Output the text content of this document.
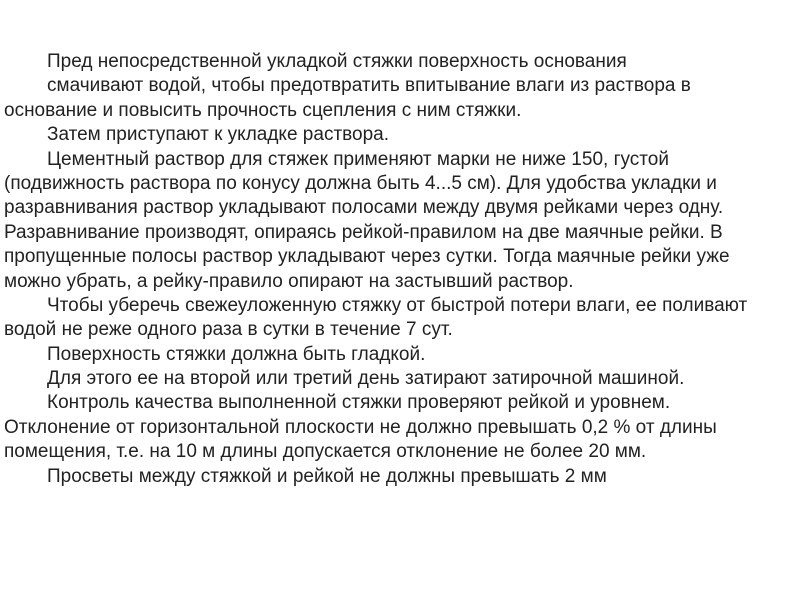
Пред непосредственной укладкой стяжки поверхность основания
смачивают водой, чтобы предотвратить впитывание влаги из раствора в
основание и повысить прочность сцепления с ним стяжки.
Затем приступают к укладке раствора.
Цементный раствор для стяжек применяют марки не ниже 150, густой
(подвижность раствора по конусу должна быть 4...5 см). Для удобства укладки и
разравнивания раствор укладывают полосами между двумя рейками через одну.
Разравнивание производят, опираясь рейкой-правилом на две маячные рейки. В
пропущенные полосы раствор укладывают через сутки. Тогда маячные рейки уже
можно убрать, а рейку-правило опирают на застывший раствор.
Чтобы уберечь свежеуложенную стяжку от быстрой потери влаги, ее поливают
водой не реже одного раза в сутки в течение 7 сут.
Поверхность стяжки должна быть гладкой.
Для этого ее на второй или третий день затирают затирочной машиной.
Контроль качества выполненной стяжки проверяют рейкой и уровнем.
Отклонение от горизонтальной плоскости не должно превышать 0,2 % от длины
помещения, т.е. на 10 м длины допускается отклонение не более 20 мм.
Просветы между стяжкой и рейкой не должны превышать 2 мм
